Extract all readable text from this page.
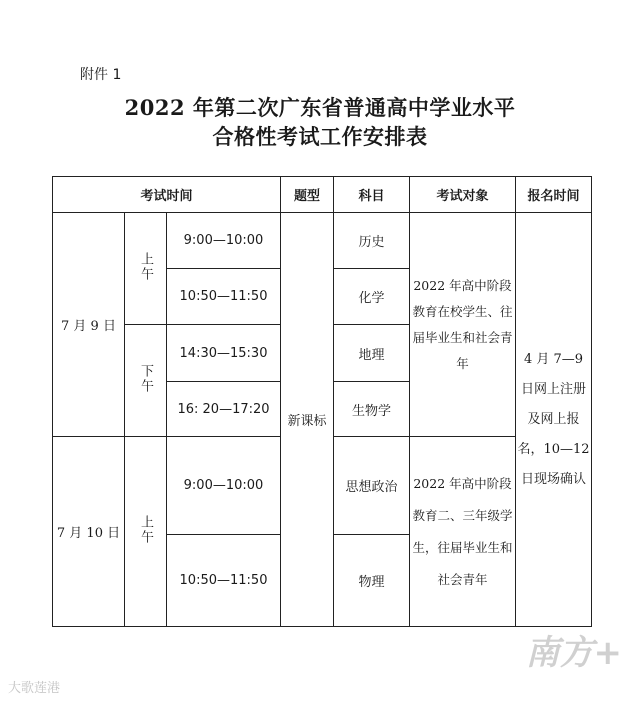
附件 1
2022 年第二次广东省普通高中学业水平
合格性考试工作安排表
考试时间			题型	科目	考试对象	报名时间
7 月 9 日	上午	9:00—10:00	新课标	历史	2022 年高中阶段教育在校学生、往届毕业生和社会青年	4 月 7—9 日网上注册及网上报名，10—12 日现场确认
		10:50—11:50		化学		
	下午	14:30—15:30		地理		
		16: 20—17:20		生物学		
7 月 10 日	上午	9:00—10:00		思想政治	2022 年高中阶段教育二、三年级学生，往届毕业生和社会青年	
		10:50—11:50		物理		
南方+
大歌莲港
